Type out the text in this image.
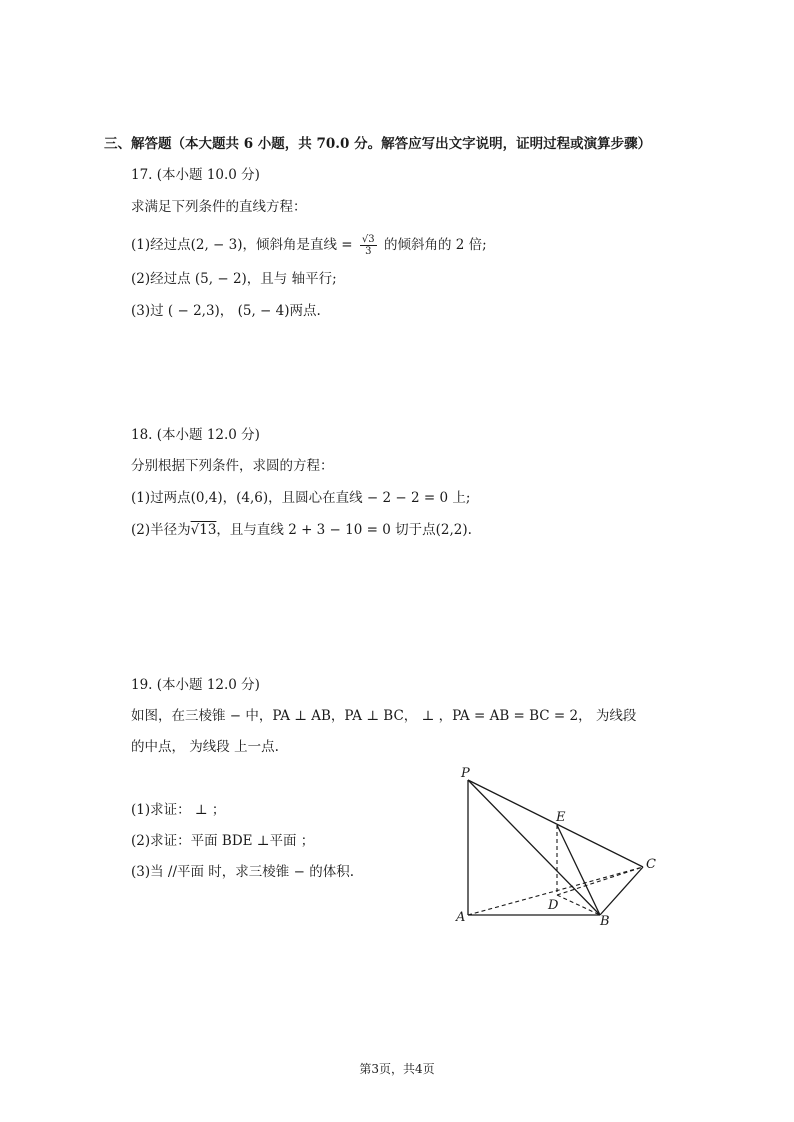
三、解答题（本大题共 6 小题，共 70.0 分。解答应写出文字说明，证明过程或演算步骤）
17. (本小题 10.0 分)
求满足下列条件的直线方程：
(1)经过点(2, − 3)，倾斜角是直线 = $\frac{√3}{3}$ 的倾斜角的 2 倍;
(2)经过点 (5, − 2)，且与 轴平行;
(3)过 ( − 2,3)， (5, − 4)两点.
18. (本小题 12.0 分)
分别根据下列条件，求圆的方程：
(1)过两点(0,4)，(4,6)，且圆心在直线 − 2 − 2 = 0 上;
(2)半径为√13，且与直线 2 + 3 − 10 = 0 切于点(2,2).
19. (本小题 12.0 分)
如图，在三棱锥 − 中，PA ⊥ AB，PA ⊥ BC， ⊥ ，PA = AB = BC = 2， 为线段
的中点， 为线段 上一点.
(1)求证： ⊥ ；
(2)求证：平面 BDE ⊥平面 ；
(3)当 //平面 时，求三棱锥 − 的体积.
P
E
C
D
A	B
第3页，共4页
